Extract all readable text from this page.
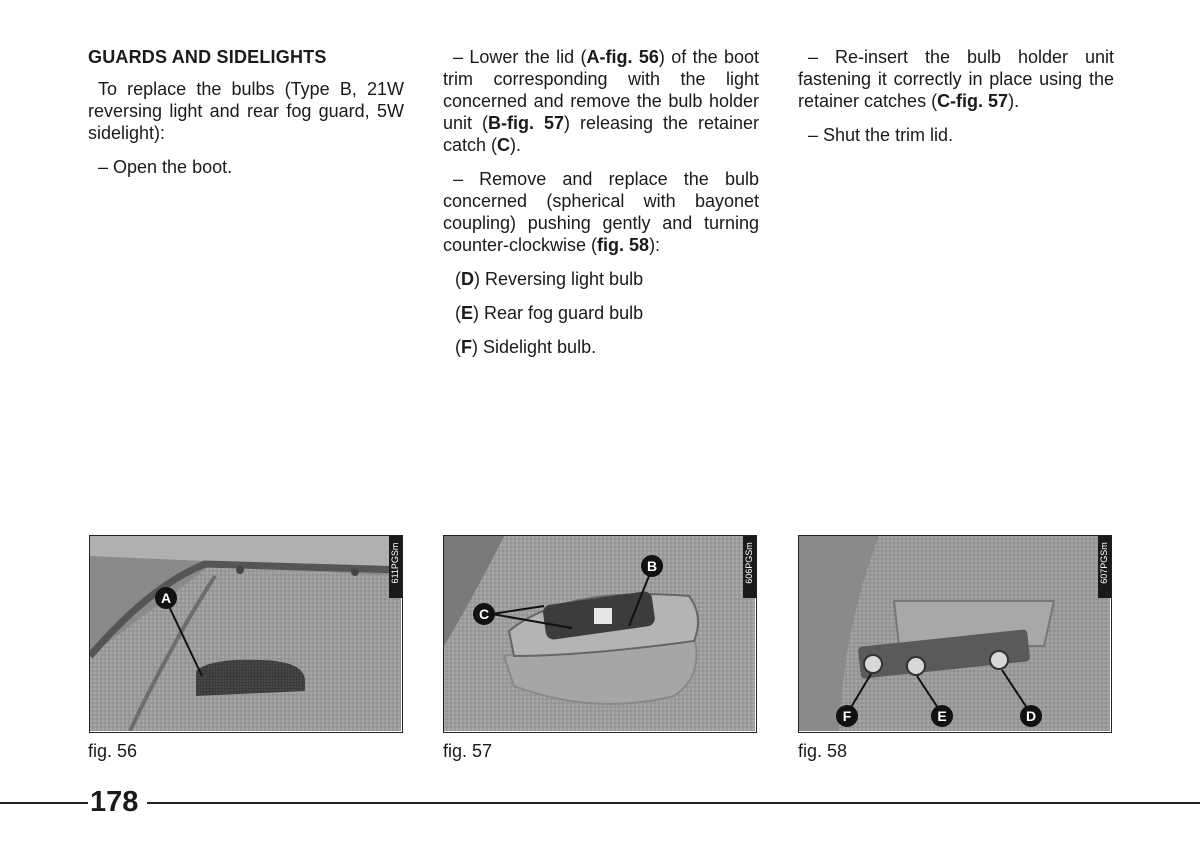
GUARDS AND SIDELIGHTS

To replace the bulbs (Type B, 21W reversing light and rear fog guard, 5W sidelight):

– Open the boot.

– Lower the lid (A-fig. 56) of the boot trim corresponding with the light concerned and remove the bulb holder unit (B-fig. 57) releasing the retainer catch (C).

– Remove and replace the bulb concerned (spherical with bayonet coupling) pushing gently and turning counter-clockwise (fig. 58):

(D) Reversing light bulb

(E) Rear fog guard bulb

(F) Sidelight bulb.

– Re-insert the bulb holder unit fastening it correctly in place using the retainer catches (C-fig. 57).

– Shut the trim lid.

A
611PGSm	B
C
606PGSm
F	E	D
607PGSm
fig. 56	fig. 57	fig. 58
178
